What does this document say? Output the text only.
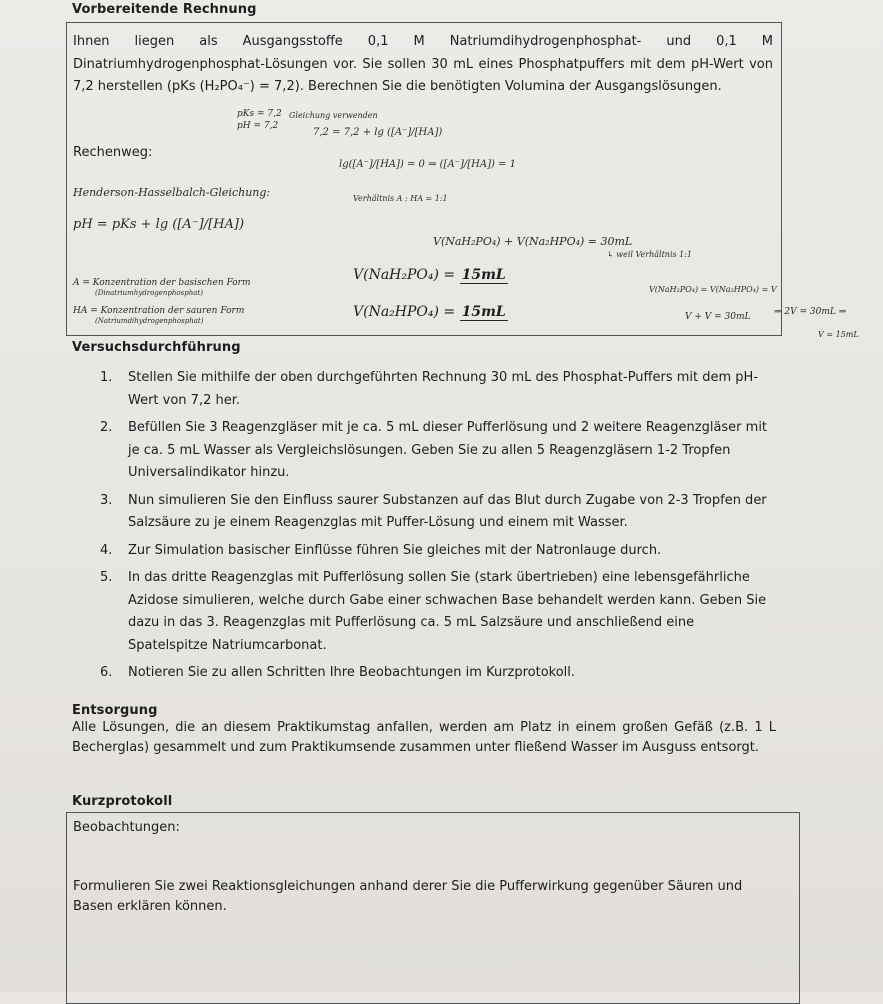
Vorbereitende Rechnung
Ihnen liegen als Ausgangsstoffe 0,1 M Natriumdihydrogenphosphat- und 0,1 M Dinatriumhydrogenphosphat-Lösungen vor. Sie sollen 30 mL eines Phosphatpuffers mit dem pH-Wert von 7,2 herstellen (pKs (H₂PO₄⁻) = 7,2). Berechnen Sie die benötigten Volumina der Ausgangslösungen.
Rechenweg:
pKs = 7,2
pH = 7,2
Gleichung verwenden
7,2 = 7,2 + lg ([A⁻]/[HA])
lg([A⁻]/[HA]) = 0 ⇒ ([A⁻]/[HA]) = 1
Henderson-Hasselbalch-Gleichung:	Verhältnis A : HA = 1:1
pH = pKs + lg ([A⁻]/[HA])
V(NaH₂PO₄) + V(Na₂HPO₄) = 30mL
↳ weil Verhältnis 1:1
A = Konzentration der basischen Form
(Dinatriumhydrogenphosphat)
HA = Konzentration der sauren Form
(Natriumdihydrogenphosphat)
V(NaH₂PO₄) = V(Na₂HPO₄) = V
V + V = 30mL
V(NaH₂PO₄) = 15mL
V(Na₂HPO₄) = 15mL	⇒ 2V = 30mL ⇒
V = 15mL
Versuchsdurchführung
1. Stellen Sie mithilfe der oben durchgeführten Rechnung 30 mL des Phosphat-Puffers mit dem pH-Wert von 7,2 her.
2. Befüllen Sie 3 Reagenzgläser mit je ca. 5 mL dieser Pufferlösung und 2 weitere Reagenzgläser mit je ca. 5 mL Wasser als Vergleichslösungen. Geben Sie zu allen 5 Reagenzgläsern 1-2 Tropfen Universalindikator hinzu.
3. Nun simulieren Sie den Einfluss saurer Substanzen auf das Blut durch Zugabe von 2-3 Tropfen der Salzsäure zu je einem Reagenzglas mit Puffer-Lösung und einem mit Wasser.
4. Zur Simulation basischer Einflüsse führen Sie gleiches mit der Natronlauge durch.
5. In das dritte Reagenzglas mit Pufferlösung sollen Sie (stark übertrieben) eine lebensgefährliche Azidose simulieren, welche durch Gabe einer schwachen Base behandelt werden kann. Geben Sie dazu in das 3. Reagenzglas mit Pufferlösung ca. 5 mL Salzsäure und anschließend eine Spatelspitze Natriumcarbonat.
6. Notieren Sie zu allen Schritten Ihre Beobachtungen im Kurzprotokoll.
Entsorgung
Alle Lösungen, die an diesem Praktikumstag anfallen, werden am Platz in einem großen Gefäß (z.B. 1 L Becherglas) gesammelt und zum Praktikumsende zusammen unter fließend Wasser im Ausguss entsorgt.
Kurzprotokoll
Beobachtungen:
Formulieren Sie zwei Reaktionsgleichungen anhand derer Sie die Pufferwirkung gegenüber Säuren und Basen erklären können.
